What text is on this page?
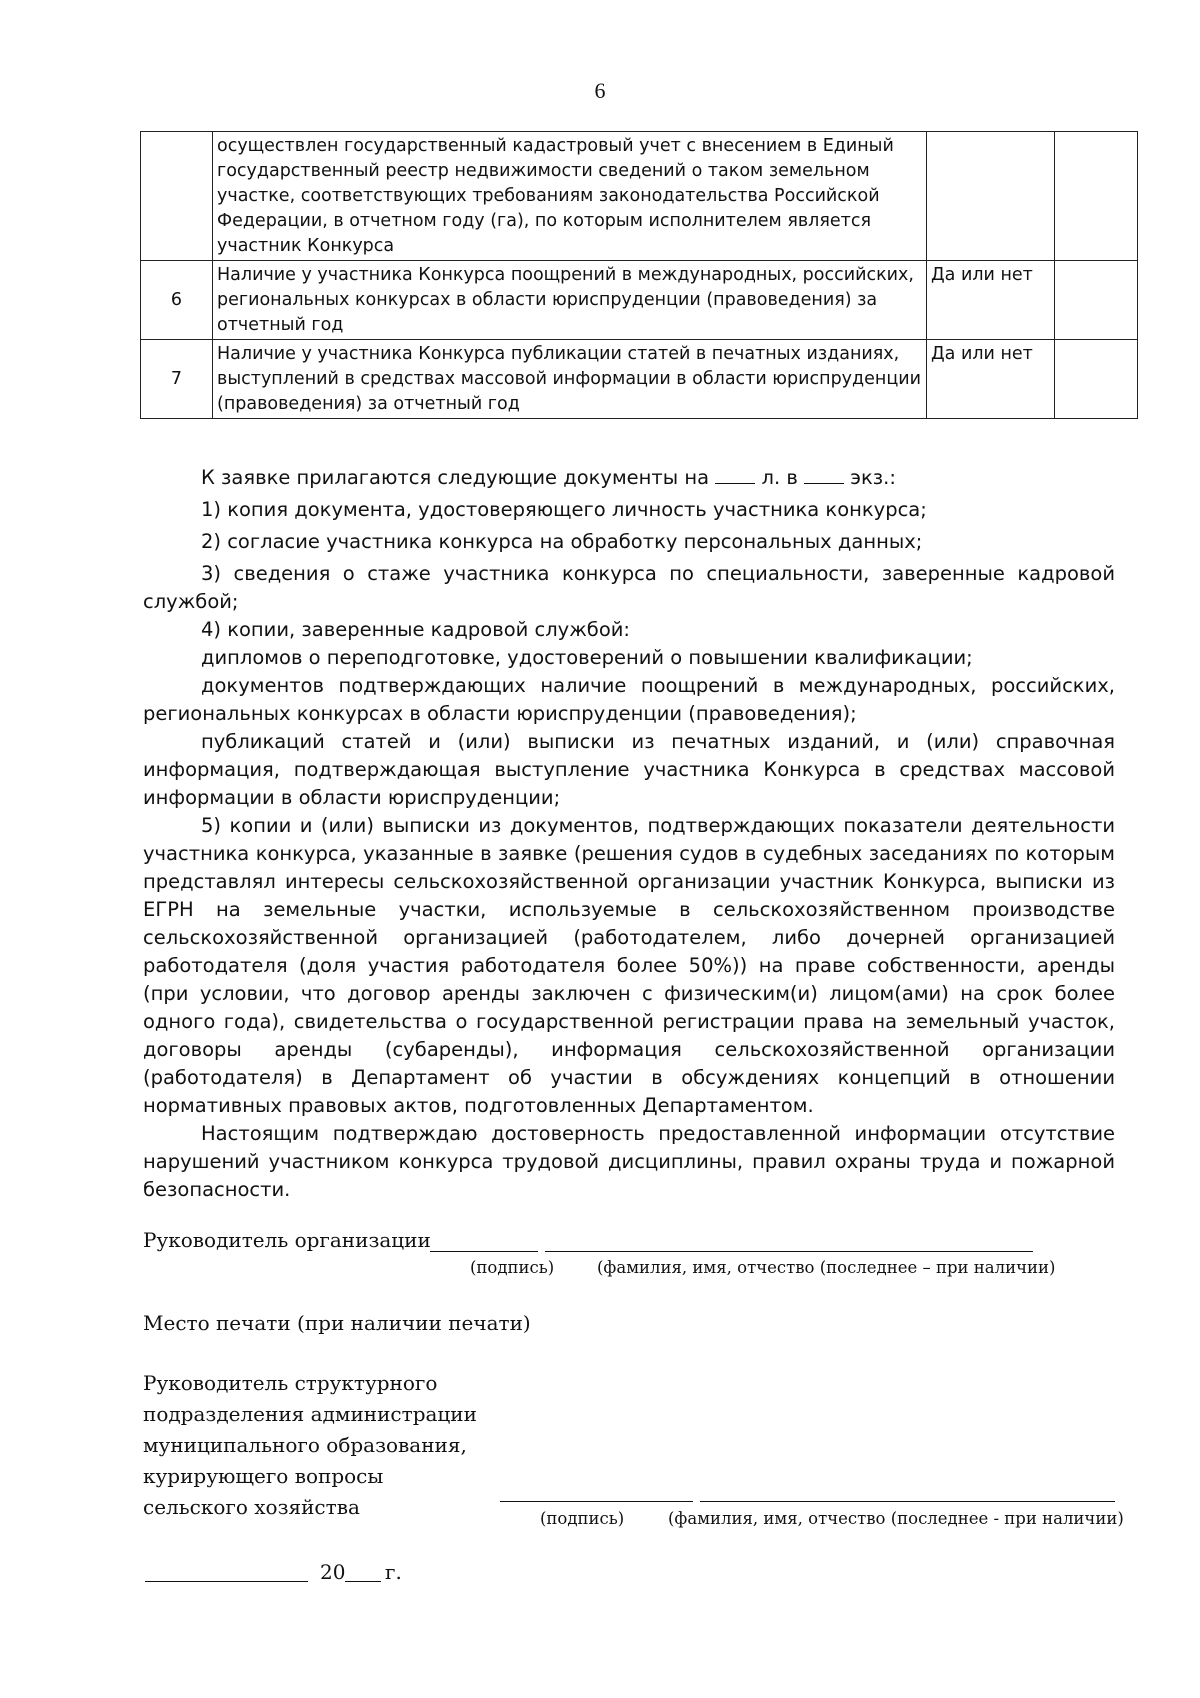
6
	осуществлен государственный кадастровый учет с внесением в Единый государственный реестр недвижимости сведений о таком земельном участке, соответствующих требованиям законодательства Российской Федерации, в отчетном году (га), по которым исполнителем является участник Конкурса		
6	Наличие у участника Конкурса поощрений в международных, российских, региональных конкурсах в области юриспруденции (правоведения) за отчетный год	Да или нет	
7	Наличие у участника Конкурса публикации статей в печатных изданиях, выступлений в средствах массовой информации в области юриспруденции (правоведения) за отчетный год	Да или нет	

К заявке прилагаются следующие документы на	л. в	экз.:

1) копия документа, удостоверяющего личность участника конкурса;

2) согласие участника конкурса на обработку персональных данных;

3) сведения о стаже участника конкурса по специальности, заверенные кадровой службой;

4) копии, заверенные кадровой службой:

дипломов о переподготовке, удостоверений о повышении квалификации;

документов подтверждающих наличие поощрений в международных, российских, региональных конкурсах в области юриспруденции (правоведения);

публикаций статей и (или) выписки из печатных изданий, и (или) справочная информация, подтверждающая выступление участника Конкурса в средствах массовой информации в области юриспруденции;

5) копии и (или) выписки из документов, подтверждающих показатели деятельности участника конкурса, указанные в заявке (решения судов в судебных заседаниях по которым представлял интересы сельскохозяйственной организации участник Конкурса, выписки из ЕГРН на земельные участки, используемые в сельскохозяйственном производстве сельскохозяйственной организацией (работодателем, либо дочерней организацией работодателя (доля участия работодателя более 50%)) на праве собственности, аренды (при условии, что договор аренды заключен с физическим(и) лицом(ами) на срок более одного года), свидетельства о государственной регистрации права на земельный участок, договоры аренды (субаренды), информация сельскохозяйственной организации (работодателя) в Департамент об участии в обсуждениях концепций в отношении нормативных правовых актов, подготовленных Департаментом.

Настоящим подтверждаю достоверность предоставленной информации отсутствие нарушений участником конкурса трудовой дисциплины, правил охраны труда и пожарной безопасности.

Руководитель организации
(подпись)	(фамилия, имя, отчество (последнее – при наличии)
Место печати (при наличии печати)
Руководитель структурного
подразделения администрации
муниципального образования,
курирующего вопросы
сельского хозяйства	(подпись)	(фамилия, имя, отчество (последнее - при наличии)
20 г.
